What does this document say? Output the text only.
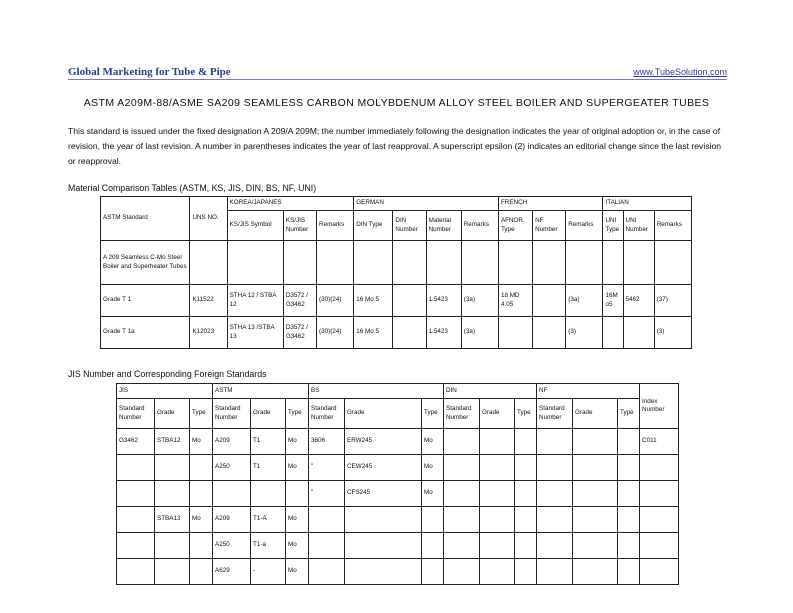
Global Marketing for Tube & Pipe	www.TubeSolution.com
ASTM A209M-88/ASME SA209 SEAMLESS CARBON MOLYBDENUM ALLOY STEEL BOILER AND SUPERGEATER TUBES
This standard is issued under the fixed designation A 209/A 209M; the number immediately following the designation indicates the year of original adoption or, in the case of revision, the year of last revision. A number in parentheses indicates the year of last reapproval. A superscript epsilon (2) indicates an editorial change since the last revision or reapproval.
Material Comparison Tables (ASTM, KS, JIS, DIN, BS, NF, UNI)
ASTM Standard	UNS NO.	KOREA/JAPANES			GERMAN				FRENCH			ITALIAN		
		KS/JIS Symbol	KS/JIS Number	Remarks	DIN Type	DIN Number	Material Number	Remarks	AFNOR Type	NF Number	Remarks	UNI Type	UNI Number	Remarks
A 209 Seamless C-Mo Steel Boiler and Superheater Tubes														
Grade T 1	K11522	STHA 12 / STBA 12	D3572 / G3462	(30)(24)	16 Mo 5		1.5423	(3a)	18 MD 4.05		(3a)	16Mo5	5462	(37)
Grade T 1a	K12023	STHA 13 /STBA 13	D3572 / G3462	(30)(24)	16 Mo 5		1.5423	(3a)			(3)			(3)
JIS Number and Corresponding Foreign Standards
JIS			ASTM			BS			DIN			NF			Index Number
Standard Number	Grade	Type	Standard Number	Grade	Type	Standard Number	Grade	Type	Standard Number	Grade	Type	Standard Number	Grade	Type	
G3462	STBA12	Mo	A209	T1	Mo	3606	ERW245	Mo							C011
			A250	T1	Mo	"	CEW245	Mo							
						"	CFS245	Mo							
	STBA13	Mo	A209	T1-A	Mo										
			A250	T1-a	Mo										
			A629	-	Mo										
